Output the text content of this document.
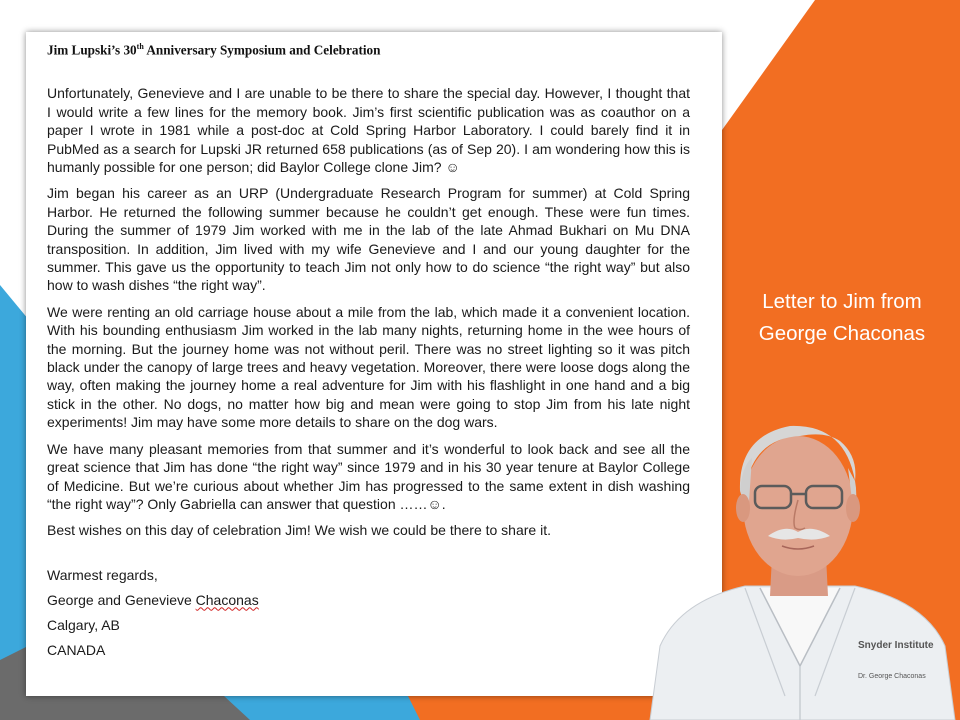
Jim Lupski’s 30th Anniversary Symposium and Celebration

Unfortunately, Genevieve and I are unable to be there to share the special day. However, I thought that I would write a few lines for the memory book. Jim’s first scientific publication was as coauthor on a paper I wrote in 1981 while a post-doc at Cold Spring Harbor Laboratory. I could barely find it in PubMed as a search for Lupski JR returned 658 publications (as of Sep 20). I am wondering how this is humanly possible for one person; did Baylor College clone Jim? ☺

Jim began his career as an URP (Undergraduate Research Program for summer) at Cold Spring Harbor. He returned the following summer because he couldn’t get enough. These were fun times. During the summer of 1979 Jim worked with me in the lab of the late Ahmad Bukhari on Mu DNA transposition. In addition, Jim lived with my wife Genevieve and I and our young daughter for the summer. This gave us the opportunity to teach Jim not only how to do science “the right way” but also how to wash dishes “the right way”.

We were renting an old carriage house about a mile from the lab, which made it a convenient location. With his bounding enthusiasm Jim worked in the lab many nights, returning home in the wee hours of the morning. But the journey home was not without peril. There was no street lighting so it was pitch black under the canopy of large trees and heavy vegetation. Moreover, there were loose dogs along the way, often making the journey home a real adventure for Jim with his flashlight in one hand and a big stick in the other. No dogs, no matter how big and mean were going to stop Jim from his late night experiments! Jim may have some more details to share on the dog wars.

We have many pleasant memories from that summer and it’s wonderful to look back and see all the great science that Jim has done “the right way” since 1979 and in his 30 year tenure at Baylor College of Medicine. But we’re curious about whether Jim has progressed to the same extent in dish washing “the right way”? Only Gabriella can answer that question ……☺.

Best wishes on this day of celebration Jim! We wish we could be there to share it.

Warmest regards,
George and Genevieve Chaconas
Calgary, AB
CANADA
Letter to Jim from
George Chaconas
Snyder Institute
Dr. George Chaconas
